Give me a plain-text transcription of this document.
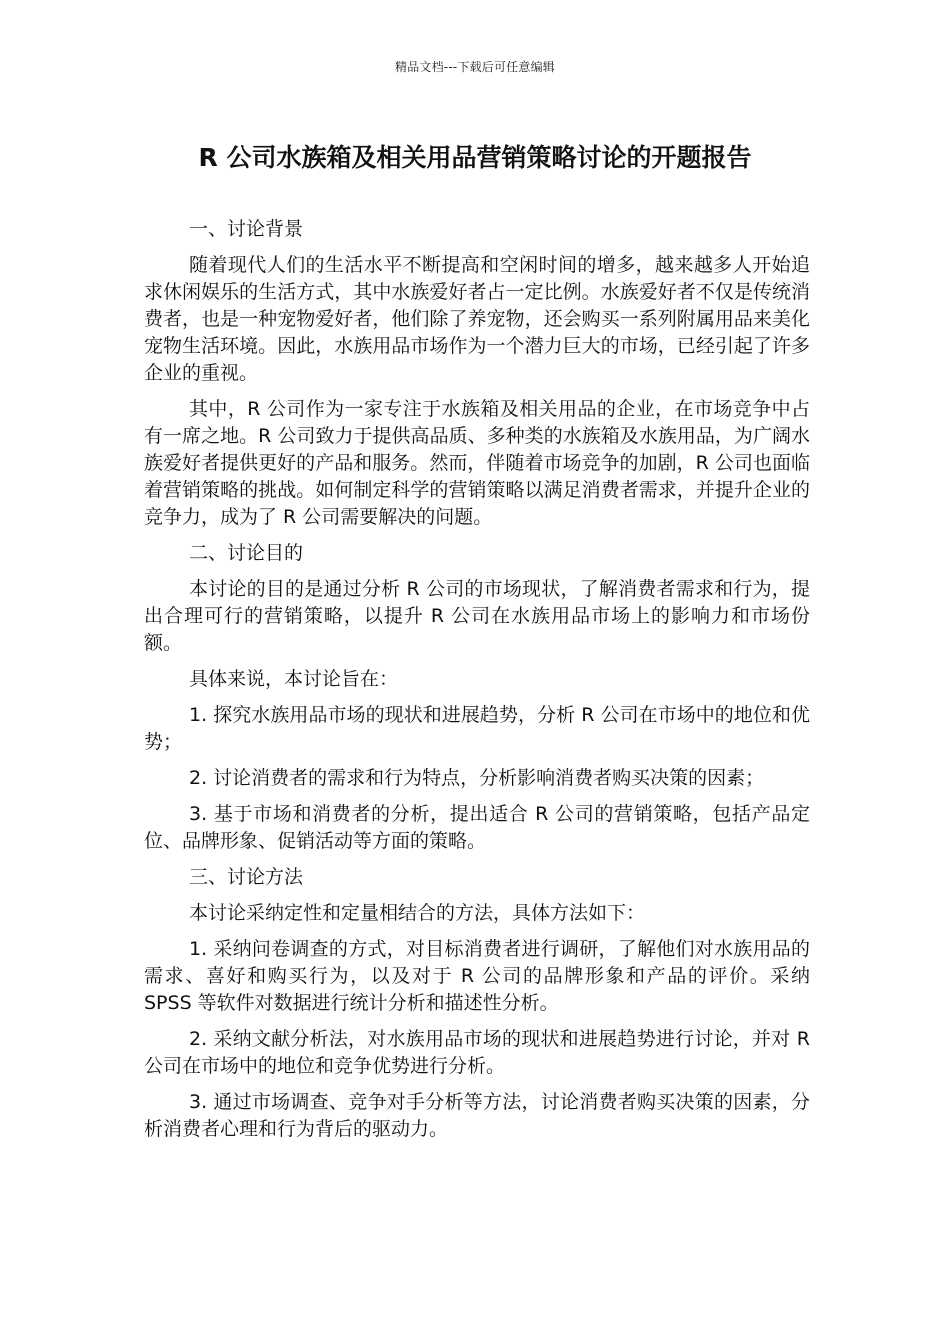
精品文档---下载后可任意编辑
R 公司水族箱及相关用品营销策略讨论的开题报告

一、讨论背景

随着现代人们的生活水平不断提高和空闲时间的增多，越来越多人开始追求休闲娱乐的生活方式，其中水族爱好者占一定比例。水族爱好者不仅是传统消费者，也是一种宠物爱好者，他们除了养宠物，还会购买一系列附属用品来美化宠物生活环境。因此，水族用品市场作为一个潜力巨大的市场，已经引起了许多企业的重视。

其中，R 公司作为一家专注于水族箱及相关用品的企业，在市场竞争中占有一席之地。R 公司致力于提供高品质、多种类的水族箱及水族用品，为广阔水族爱好者提供更好的产品和服务。然而，伴随着市场竞争的加剧，R 公司也面临着营销策略的挑战。如何制定科学的营销策略以满足消费者需求，并提升企业的竞争力，成为了 R 公司需要解决的问题。

二、讨论目的

本讨论的目的是通过分析 R 公司的市场现状，了解消费者需求和行为，提出合理可行的营销策略，以提升 R 公司在水族用品市场上的影响力和市场份额。

具体来说，本讨论旨在：

1. 探究水族用品市场的现状和进展趋势，分析 R 公司在市场中的地位和优势；

2. 讨论消费者的需求和行为特点，分析影响消费者购买决策的因素；

3. 基于市场和消费者的分析，提出适合 R 公司的营销策略，包括产品定位、品牌形象、促销活动等方面的策略。

三、讨论方法

本讨论采纳定性和定量相结合的方法，具体方法如下：

1. 采纳问卷调查的方式，对目标消费者进行调研，了解他们对水族用品的需求、喜好和购买行为，以及对于 R 公司的品牌形象和产品的评价。采纳 SPSS 等软件对数据进行统计分析和描述性分析。

2. 采纳文献分析法，对水族用品市场的现状和进展趋势进行讨论，并对 R 公司在市场中的地位和竞争优势进行分析。

3. 通过市场调查、竞争对手分析等方法，讨论消费者购买决策的因素，分析消费者心理和行为背后的驱动力。
